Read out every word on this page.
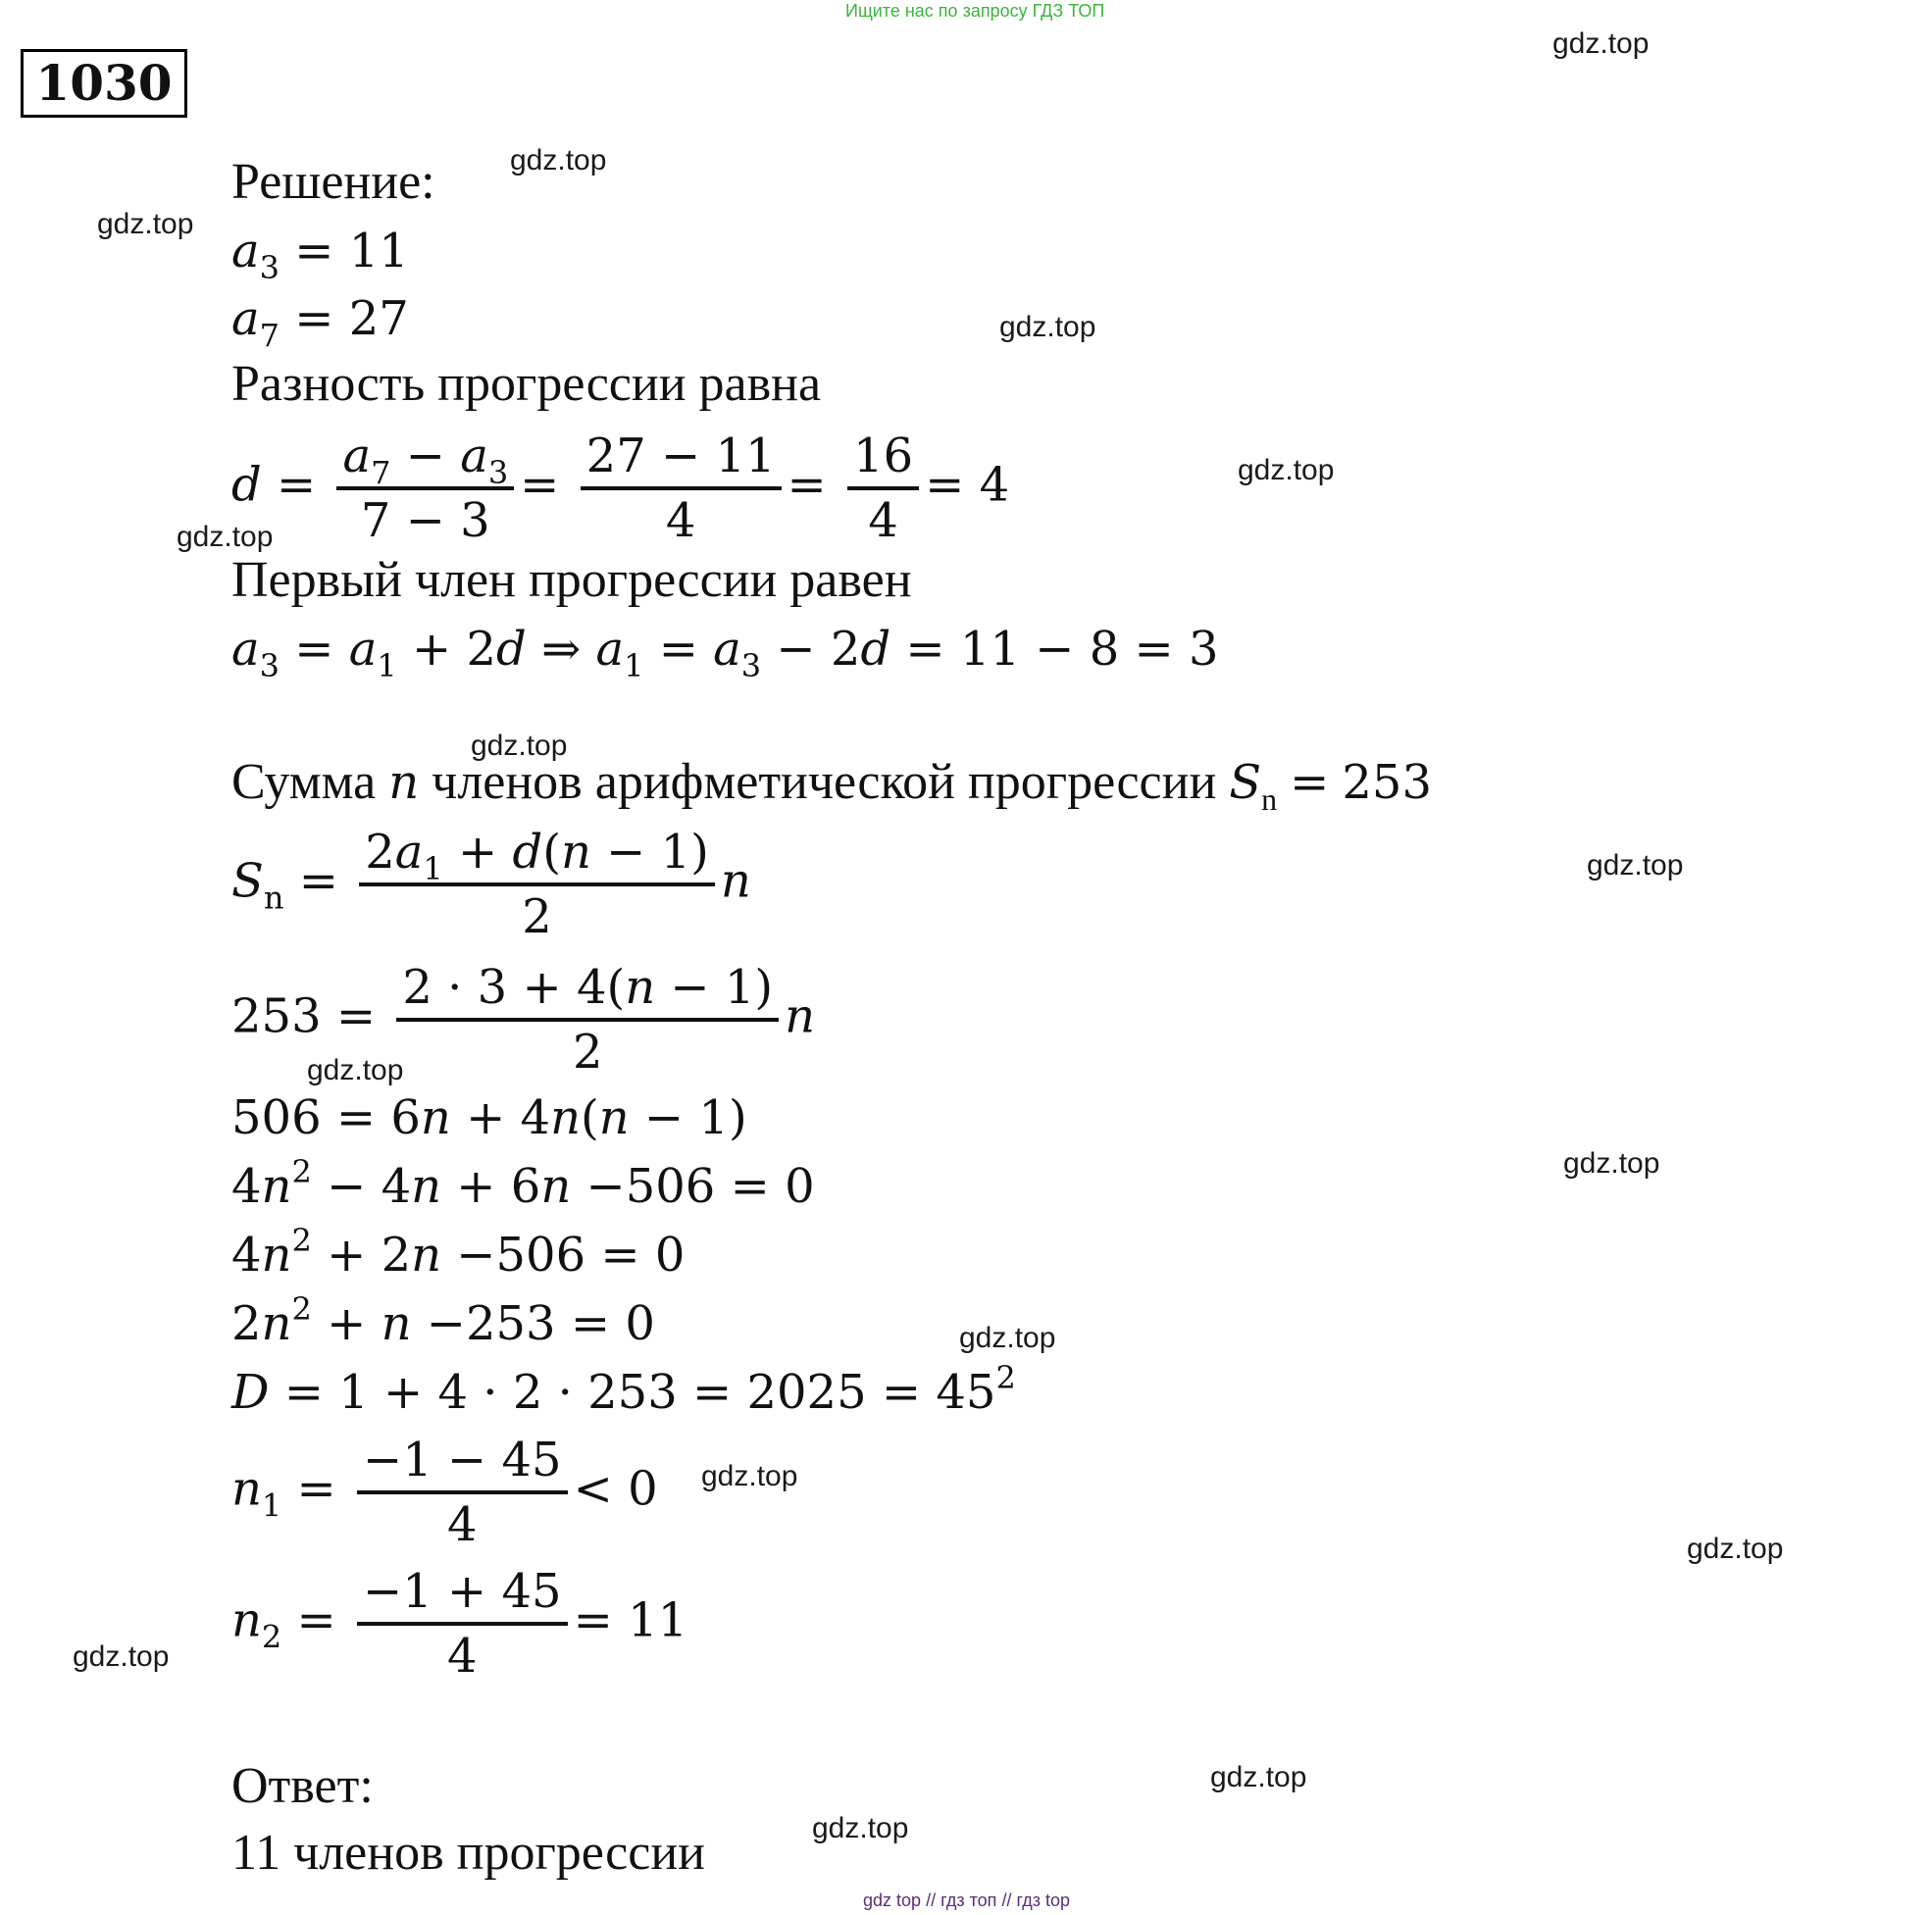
Ищите нас по запросу ГДЗ ТОП
1030
gdz.top
gdz.top
gdz.top
gdz.top
gdz.top
gdz.top
gdz.top
gdz.top
gdz.top
gdz.top
gdz.top
gdz.top
gdz.top
gdz.top
gdz.top
gdz.top
Решение:
$a_3 = 11$
$a_7 = 27$
Разность прогрессии равна
$d = \frac{a_7 - a_3}{7 - 3} = \frac{27 - 11}{4} = \frac{16}{4} = 4$
Первый член прогрессии равен
$a_3 = a_1 + 2d$ ⇒ $a_1 = a_3 - 2d = 11 - 8 = 3$
Сумма n членов арифметической прогрессии $S_n = 253$
$S_n = \frac{2a_1 + d(n - 1)}{2}$ n
$253 = \frac{2 \cdot 3 + 4(n - 1)}{2}$ n
506 = 6n + 4n(n − 1)
$4n^2 - 4n + 6n -506 = 0$
$4n^2 + 2n -506 = 0$
$2n^2 + n -253 = 0$
$D = 1 + 4 \cdot 2 \cdot 253 = 2025 = 45^2$
$n_1 = \frac{-1 - 45}{4} < 0$
$n_2 = \frac{-1 + 45}{4} = 11$
Ответ:
11 членов прогрессии
gdz top // гдз топ // гдз top
